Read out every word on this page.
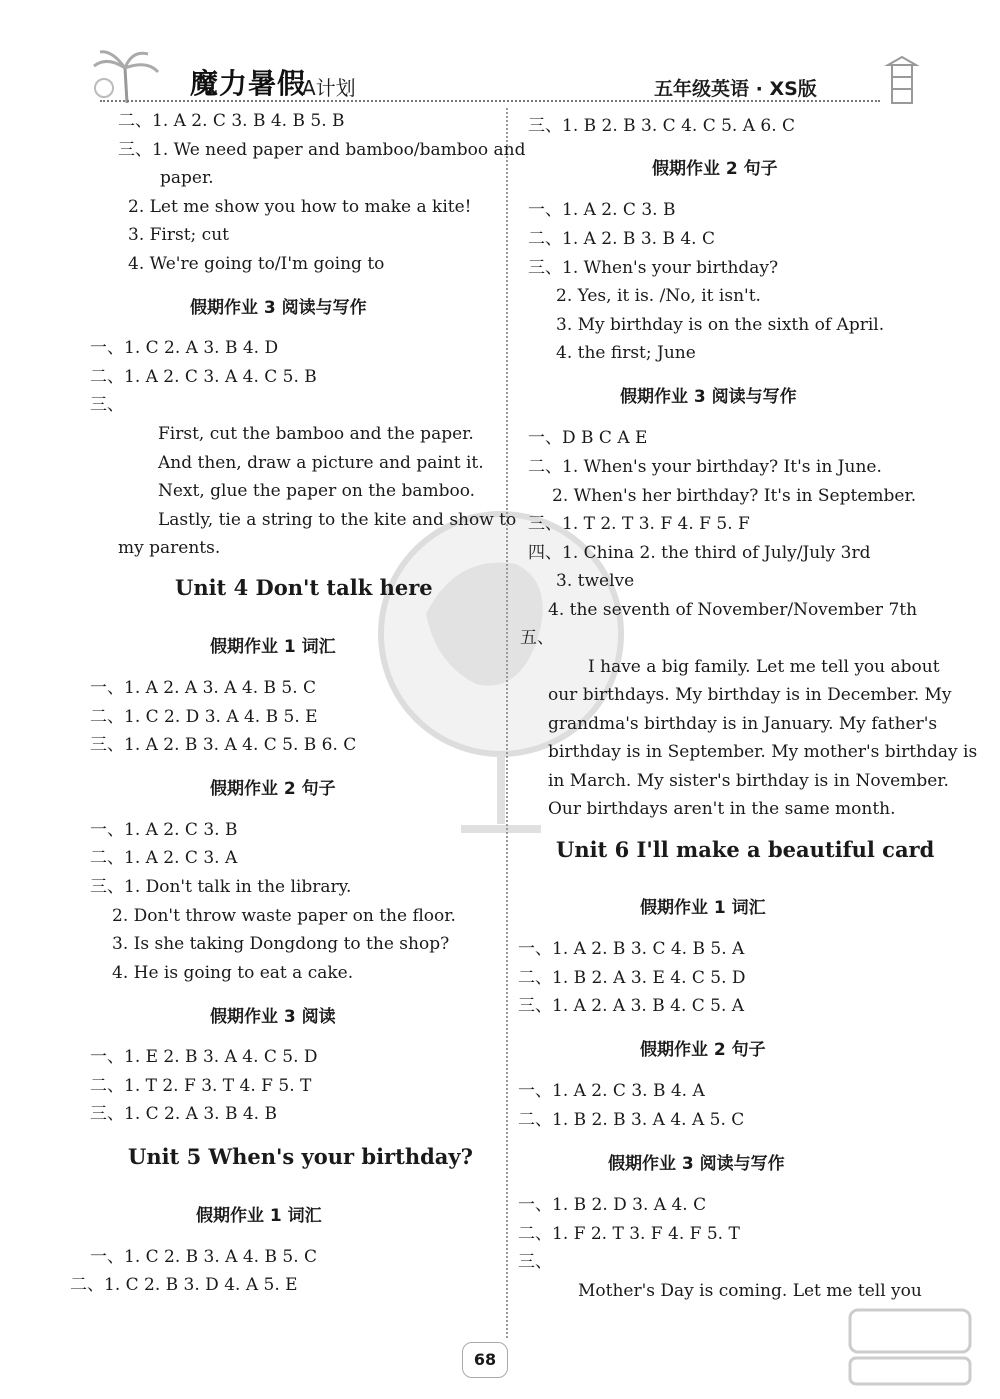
魔力暑假
A计划	五年级英语 · XS版
二、1. A 2. C 3. B 4. B 5. B
三、1. We need paper and bamboo/bamboo and
paper.
2. Let me show you how to make a kite!
3. First; cut
4. We're going to/I'm going to
假期作业 3 阅读与写作
一、1. C 2. A 3. B 4. D
二、1. A 2. C 3. A 4. C 5. B
三、
First, cut the bamboo and the paper.
And then, draw a picture and paint it.
Next, glue the paper on the bamboo.
Lastly, tie a string to the kite and show to
my parents.
Unit 4 Don't talk here
假期作业 1 词汇
一、1. A 2. A 3. A 4. B 5. C
二、1. C 2. D 3. A 4. B 5. E
三、1. A 2. B 3. A 4. C 5. B 6. C
假期作业 2 句子
一、1. A 2. C 3. B
二、1. A 2. C 3. A
三、1. Don't talk in the library.
2. Don't throw waste paper on the floor.
3. Is she taking Dongdong to the shop?
4. He is going to eat a cake.
假期作业 3 阅读
一、1. E 2. B 3. A 4. C 5. D
二、1. T 2. F 3. T 4. F 5. T
三、1. C 2. A 3. B 4. B
Unit 5 When's your birthday?
假期作业 1 词汇
一、1. C 2. B 3. A 4. B 5. C
二、1. C 2. B 3. D 4. A 5. E
三、1. B 2. B 3. C 4. C 5. A 6. C
假期作业 2 句子
一、1. A 2. C 3. B
二、1. A 2. B 3. B 4. C
三、1. When's your birthday?
2. Yes, it is. /No, it isn't.
3. My birthday is on the sixth of April.
4. the first; June
假期作业 3 阅读与写作
一、D B C A E
二、1. When's your birthday? It's in June.
2. When's her birthday? It's in September.
三、1. T 2. T 3. F 4. F 5. F
四、1. China 2. the third of July/July 3rd
3. twelve
4. the seventh of November/November 7th
五、
I have a big family. Let me tell you about
our birthdays. My birthday is in December. My
grandma's birthday is in January. My father's
birthday is in September. My mother's birthday is
in March. My sister's birthday is in November.
Our birthdays aren't in the same month.
Unit 6 I'll make a beautiful card
假期作业 1 词汇
一、1. A 2. B 3. C 4. B 5. A
二、1. B 2. A 3. E 4. C 5. D
三、1. A 2. A 3. B 4. C 5. A
假期作业 2 句子
一、1. A 2. C 3. B 4. A
二、1. B 2. B 3. A 4. A 5. C
假期作业 3 阅读与写作
一、1. B 2. D 3. A 4. C
二、1. F 2. T 3. F 4. F 5. T
三、
Mother's Day is coming. Let me tell you
68
